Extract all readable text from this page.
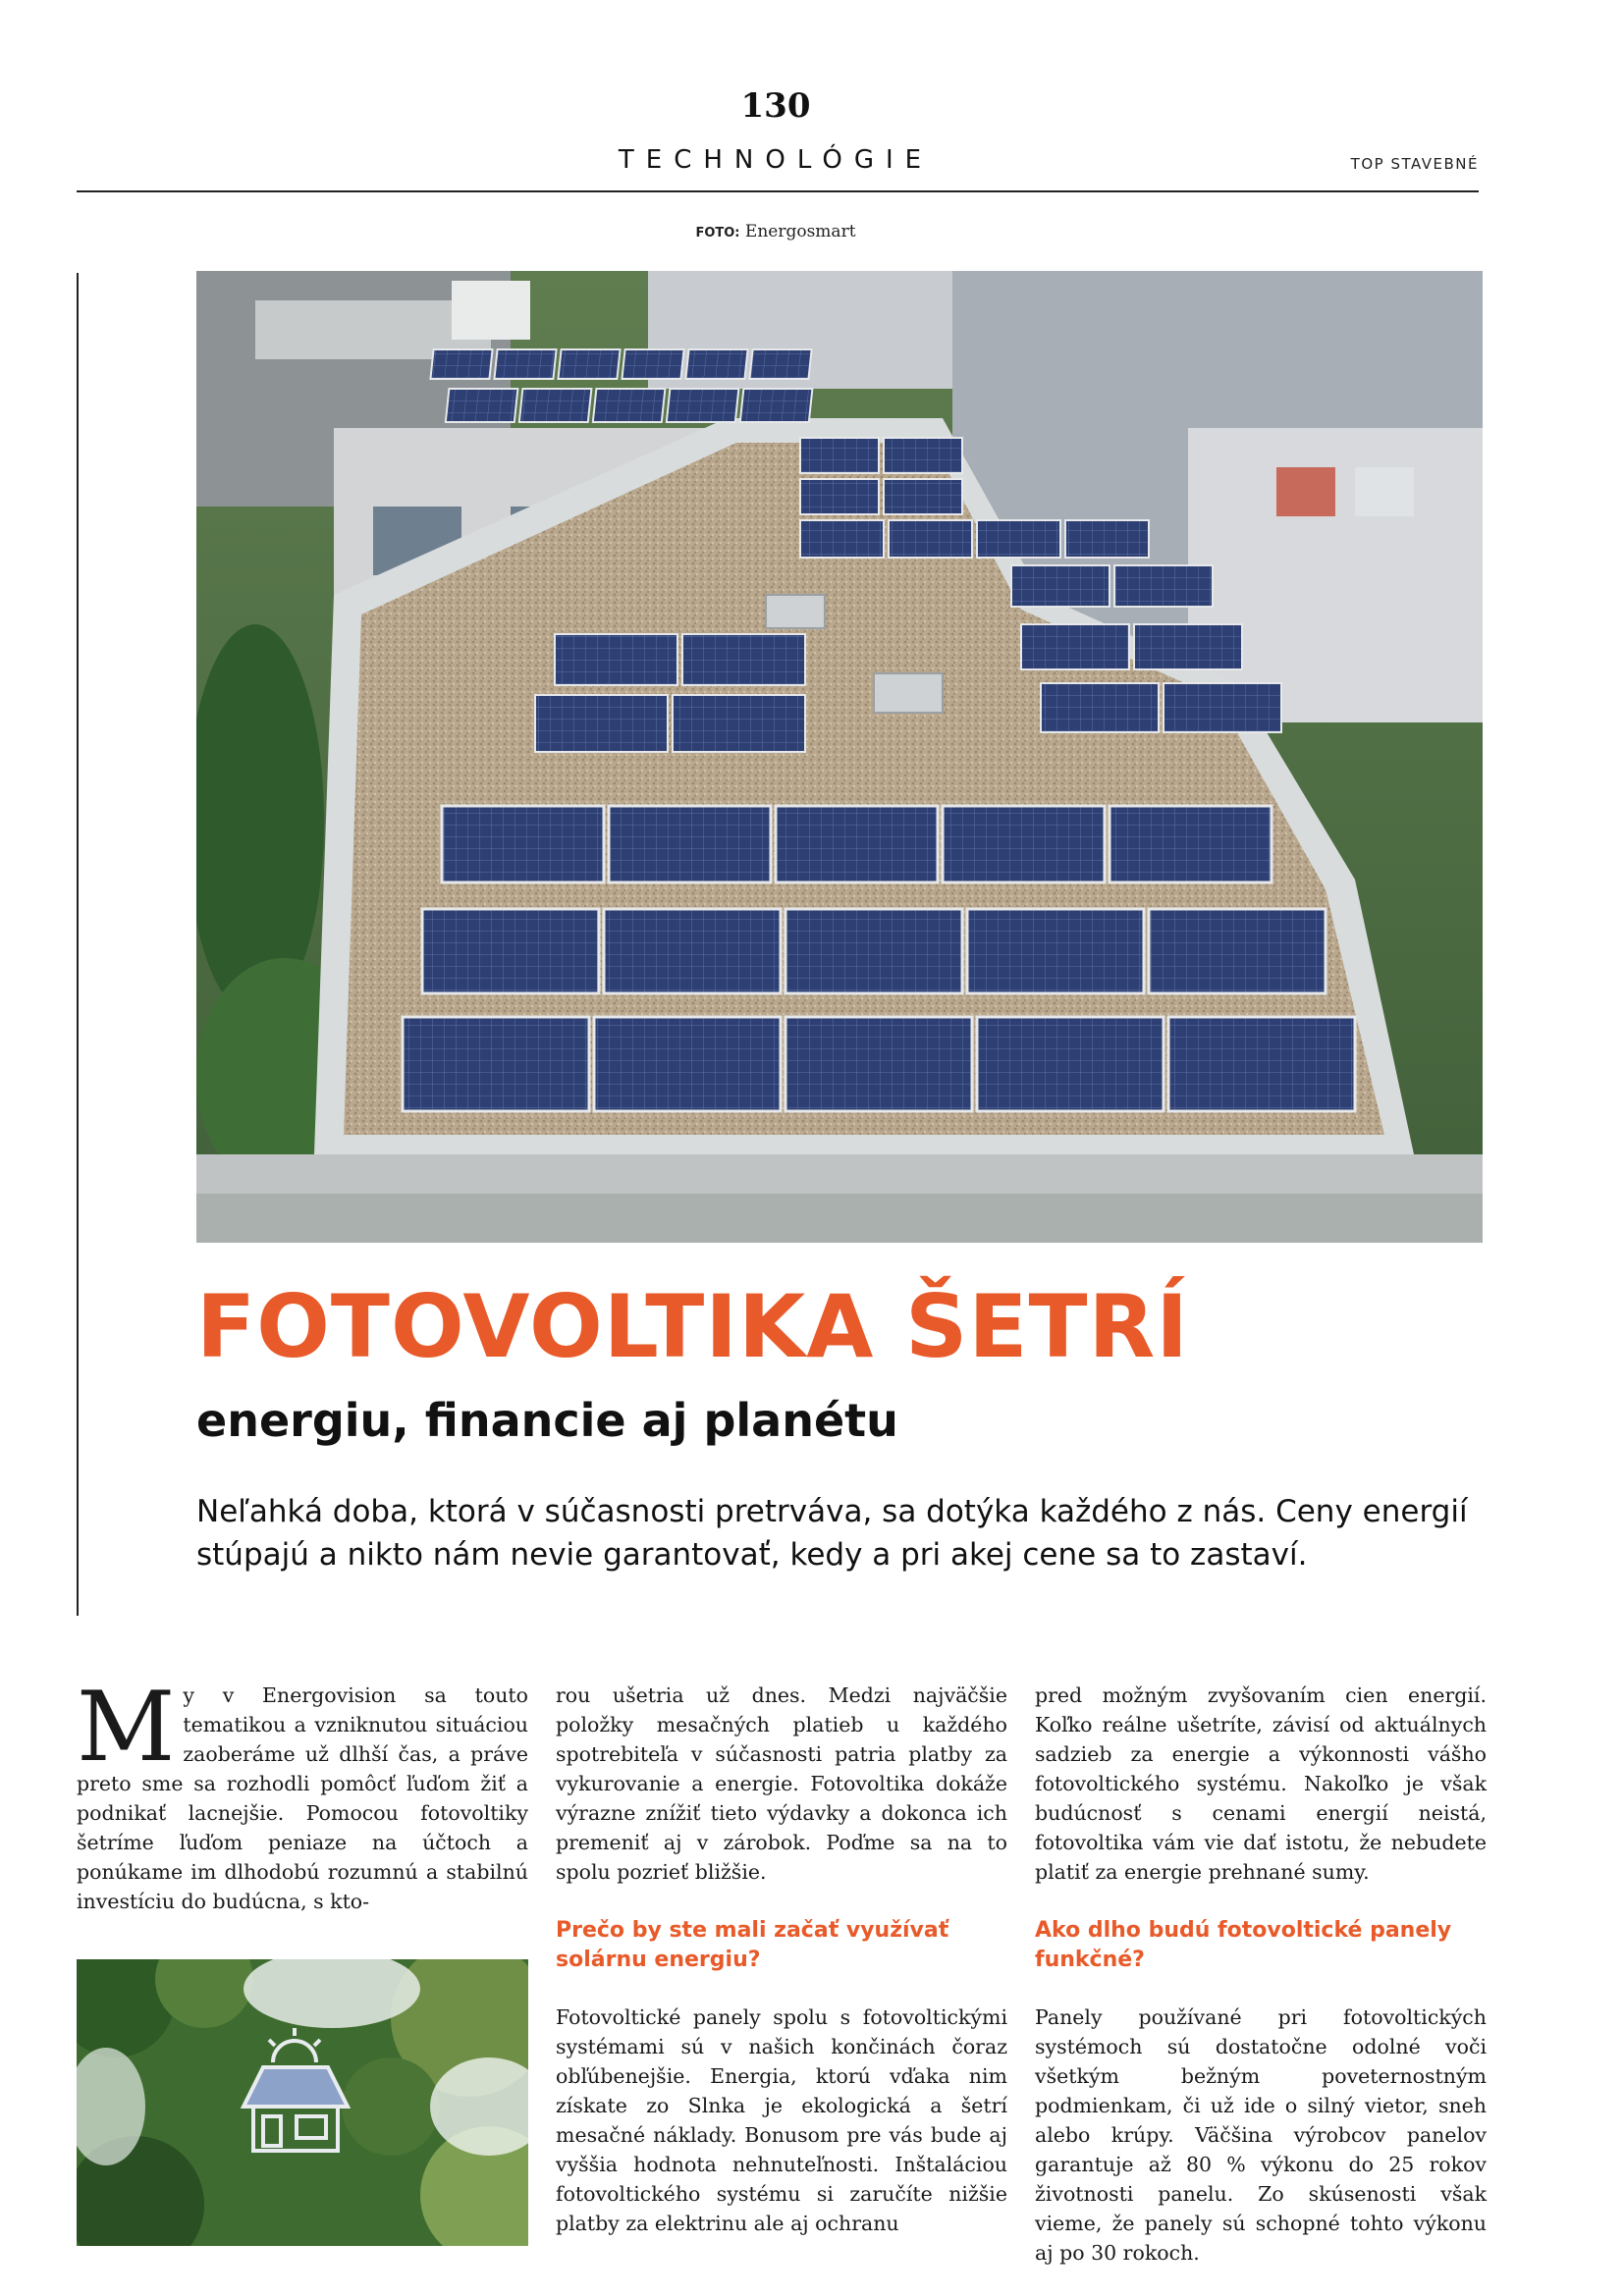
130
TECHNOLÓGIE	TOP STAVEBNÉ
FOTO: Energosmart
FOTOVOLTIKA ŠETRÍ
energiu, financie aj planétu
Neľahká doba, ktorá v súčasnosti pretrváva, sa dotýka každého z nás. Ceny energií stúpajú a nikto nám nevie garantovať, kedy a pri akej cene sa to zastaví.

My v Energovision sa touto tematikou a vzniknutou situáciou zaoberáme už dlhší čas, a práve preto sme sa rozhodli pomôcť ľuďom žiť a podnikať lacnejšie. Pomocou fotovoltiky šetríme ľuďom peniaze na účtoch a ponúkame im dlhodobú rozumnú a stabilnú investíciu do budúcna, s kto-

rou ušetria už dnes. Medzi najväčšie položky mesačných platieb u každého spotrebiteľa v súčasnosti patria platby za vykurovanie a energie. Fotovoltika dokáže výrazne znížiť tieto výdavky a dokonca ich premeniť aj v zárobok. Poďme sa na to spolu pozrieť bližšie.

Prečo by ste mali začať využívať solárnu energiu?

Fotovoltické panely spolu s fotovoltickými systémami sú v našich končinách čoraz obľúbenejšie. Energia, ktorú vďaka nim získate zo Slnka je ekologická a šetrí mesačné náklady. Bonusom pre vás bude aj vyššia hodnota nehnuteľnosti. Inštaláciou fotovoltického systému si zaručíte nižšie platby za elektrinu ale aj ochranu

pred možným zvyšovaním cien energií. Koľko reálne ušetríte, závisí od aktuálnych sadzieb za energie a výkonnosti vášho fotovoltického systému. Nakoľko je však budúcnosť s cenami energií neistá, fotovoltika vám vie dať istotu, že nebudete platiť za energie prehnané sumy.

Ako dlho budú fotovoltické panely funkčné?

Panely používané pri fotovoltických systémoch sú dostatočne odolné voči všetkým bežným poveternostným podmienkam, či už ide o silný vietor, sneh alebo krúpy. Väčšina výrobcov panelov garantuje až 80 % výkonu do 25 rokov životnosti panelu. Zo skúsenosti však vieme, že panely sú schopné tohto výkonu aj po 30 rokoch.
